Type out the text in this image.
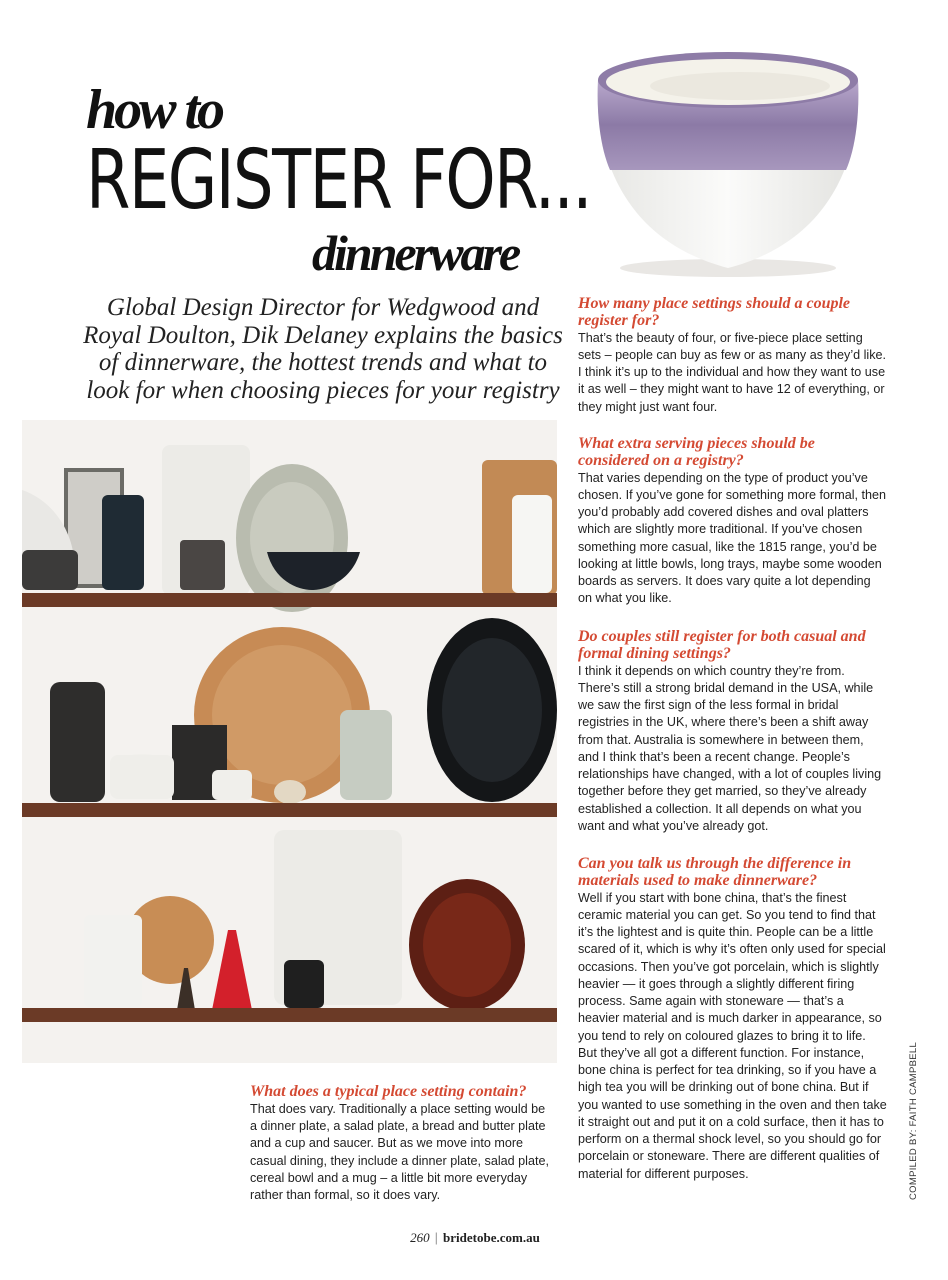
how to
REGISTER FOR...
dinnerware
Global Design Director for Wedgwood and Royal Doulton, Dik Delaney explains the basics of dinnerware, the hottest trends and what to look for when choosing pieces for your registry

How many place settings should a couple register for?

That’s the beauty of four, or five-piece place setting sets – people can buy as few or as many as they’d like. I think it’s up to the individual and how they want to use it as well – they might want to have 12 of everything, or they might just want four.

What extra serving pieces should be considered on a registry?

That varies depending on the type of product you’ve chosen. If you’ve gone for something more formal, then you’d probably add covered dishes and oval platters which are slightly more traditional. If you’ve chosen something more casual, like the 1815 range, you’d be looking at little bowls, long trays, maybe some wooden boards as servers. It does vary quite a lot depending on what you like.

Do couples still register for both casual and formal dining settings?

I think it depends on which country they’re from. There’s still a strong bridal demand in the USA, while we saw the first sign of the less formal in bridal registries in the UK, where there’s been a shift away from that. Australia is somewhere in between them, and I think that’s been a recent change. People’s relationships have changed, with a lot of couples living together before they get married, so they’ve already established a collection. It all depends on what you want and what you’ve already got.

Can you talk us through the difference in materials used to make dinnerware?

Well if you start with bone china, that’s the finest ceramic material you can get. So you tend to find that it’s the lightest and is quite thin. People can be a little scared of it, which is why it’s often only used for special occasions. Then you’ve got porcelain, which is slightly heavier — it goes through a slightly different firing process. Same again with stoneware — that’s a heavier material and is much darker in appearance, so you tend to rely on coloured glazes to bring it to life. But they’ve all got a different function. For instance, bone china is perfect for tea drinking, so if you have a high tea you will be drinking out of bone china. But if you wanted to use something in the oven and then take it straight out and put it on a cold surface, then it has to perform on a thermal shock level, so you should go for porcelain or stoneware. There are different qualities of material for different purposes.

What does a typical place setting contain?

That does vary. Traditionally a place setting would be a dinner plate, a salad plate, a bread and butter plate and a cup and saucer. But as we move into more casual dining, they include a dinner plate, salad plate, cereal bowl and a mug – a little bit more everyday rather than formal, so it does vary.	COMPILED BY: FAITH CAMPBELL
260 | bridetobe.com.au
